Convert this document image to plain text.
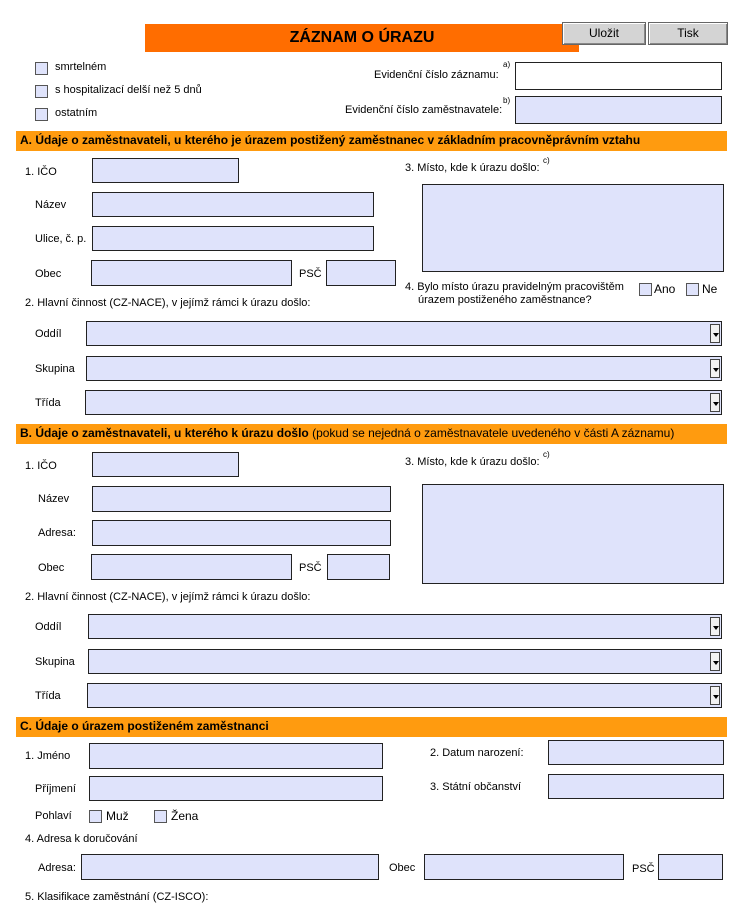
ZÁZNAM O ÚRAZU	Uložit	Tisk
smrtelném
s hospitalizací delší než 5 dnů
ostatním
Evidenční číslo záznamu:
a)
Evidenční číslo zaměstnavatele:
b)
A. Údaje o zaměstnavateli, u kterého je úrazem postižený zaměstnanec v základním pracovněprávním vztahu
1. IČO
Název
Ulice, č. p.
Obec	PSČ
3. Místo, kde k úrazu došlo:
c)
4. Bylo místo úrazu pravidelným pracovištěm
úrazem postiženého zaměstnance?
Ano Ne
2. Hlavní činnost (CZ-NACE), v jejímž rámci k úrazu došlo:
Oddíl
Skupina
Třída
B. Údaje o zaměstnavateli, u kterého k úrazu došlo (pokud se nejedná o zaměstnavatele uvedeného v části A záznamu)
1. IČO
Název
Adresa:
Obec	PSČ
3. Místo, kde k úrazu došlo:
c)
2. Hlavní činnost (CZ-NACE), v jejímž rámci k úrazu došlo:
Oddíl
Skupina
Třída
C. Údaje o úrazem postiženém zaměstnanci
1. Jméno
Příjmení
2. Datum narození:
3. Státní občanství
Pohlaví	Muž	Žena
4. Adresa k doručování
Adresa:	Obec	PSČ
5. Klasifikace zaměstnání (CZ-ISCO):
